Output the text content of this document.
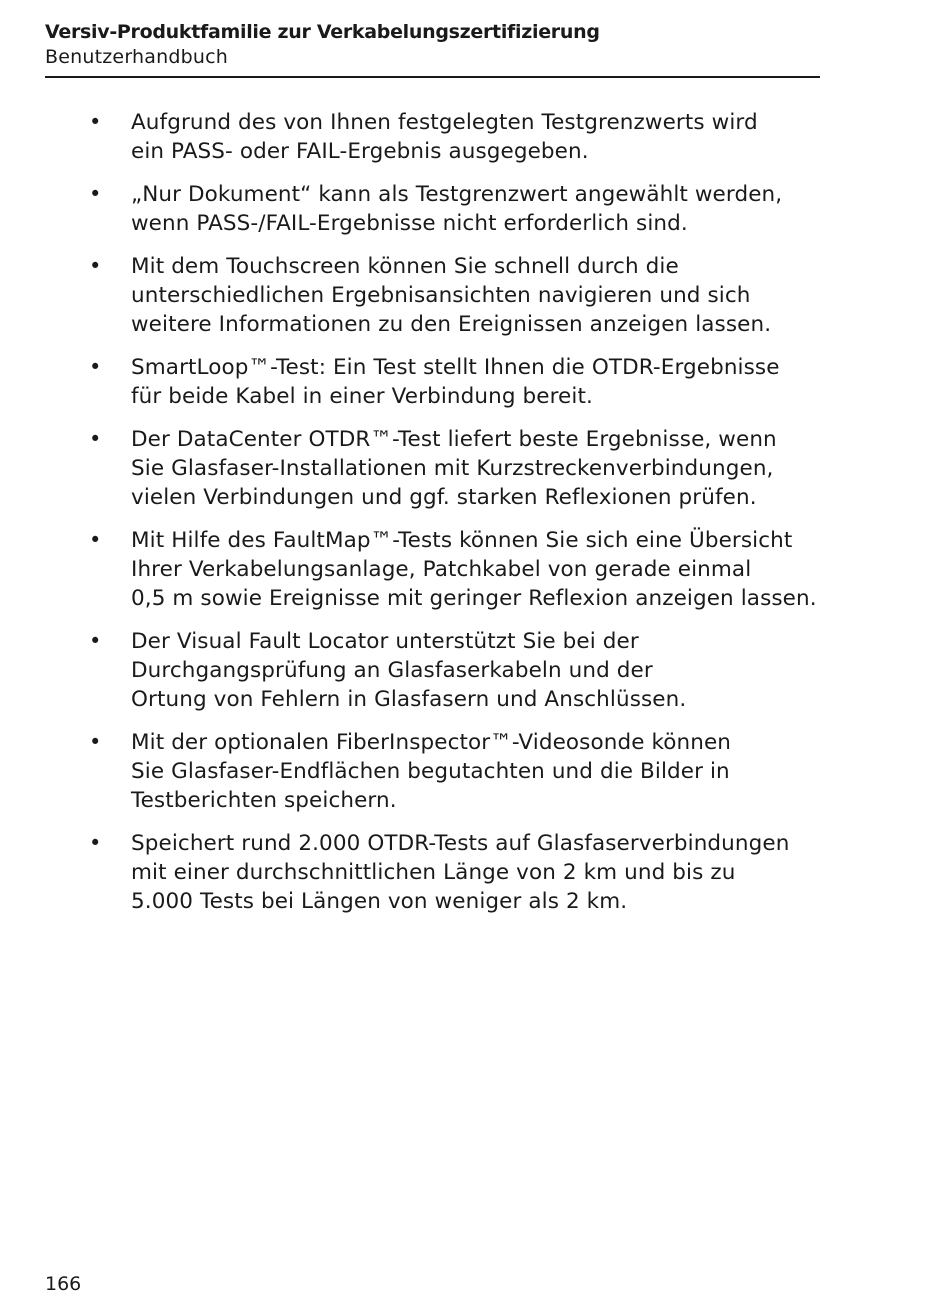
Versiv-Produktfamilie zur Verkabelungszertifizierung
Benutzerhandbuch
• Aufgrund des von Ihnen festgelegten Testgrenzwerts wird
ein PASS- oder FAIL-Ergebnis ausgegeben.
• „Nur Dokument“ kann als Testgrenzwert angewählt werden,
wenn PASS-/FAIL-Ergebnisse nicht erforderlich sind.
• Mit dem Touchscreen können Sie schnell durch die
unterschiedlichen Ergebnisansichten navigieren und sich
weitere Informationen zu den Ereignissen anzeigen lassen.
• SmartLoop™-Test: Ein Test stellt Ihnen die OTDR-Ergebnisse
für beide Kabel in einer Verbindung bereit.
• Der DataCenter OTDR™-Test liefert beste Ergebnisse, wenn
Sie Glasfaser-Installationen mit Kurzstreckenverbindungen,
vielen Verbindungen und ggf. starken Reflexionen prüfen.
• Mit Hilfe des FaultMap™-Tests können Sie sich eine Übersicht
Ihrer Verkabelungsanlage, Patchkabel von gerade einmal
0,5 m sowie Ereignisse mit geringer Reflexion anzeigen lassen.
• Der Visual Fault Locator unterstützt Sie bei der
Durchgangsprüfung an Glasfaserkabeln und der
Ortung von Fehlern in Glasfasern und Anschlüssen.
• Mit der optionalen FiberInspector™-Videosonde können
Sie Glasfaser-Endflächen begutachten und die Bilder in
Testberichten speichern.
• Speichert rund 2.000 OTDR-Tests auf Glasfaserverbindungen
mit einer durchschnittlichen Länge von 2 km und bis zu
5.000 Tests bei Längen von weniger als 2 km.
166
